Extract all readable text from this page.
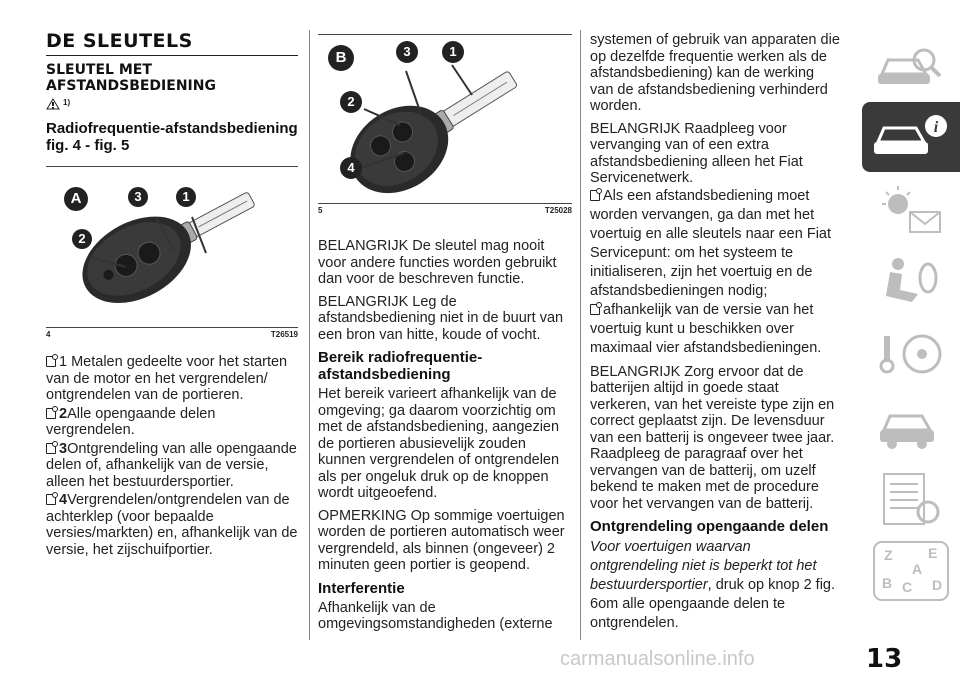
DE SLEUTELS
SLEUTEL MET AFSTANDSBEDIENING
1)
Radiofrequentie-afstandsbediening fig. 4 - fig. 5
A	1
3
2
4	T26519
1 Metalen gedeelte voor het starten van de motor en het vergrendelen/ ontgrendelen van de portieren.
2Alle opengaande delen vergrendelen.
3Ontgrendeling van alle opengaande delen of, afhankelijk van de versie, alleen het bestuurdersportier.
4Vergrendelen/ontgrendelen van de achterklep (voor bepaalde versies/markten) en, afhankelijk van de versie, het zijschuifportier.
B	3	1
2
4
5	T25028
BELANGRIJK De sleutel mag nooit voor andere functies worden gebruikt dan voor de beschreven functie.
BELANGRIJK Leg de afstandsbediening niet in de buurt van een bron van hitte, koude of vocht.
Bereik radiofrequentie-afstandsbediening
Het bereik varieert afhankelijk van de omgeving; ga daarom voorzichtig om met de afstandsbediening, aangezien de portieren abusievelijk zouden kunnen vergrendelen of ontgrendelen als per ongeluk druk op de knoppen wordt uitgeoefend.
OPMERKING Op sommige voertuigen worden de portieren automatisch weer vergrendeld, als binnen (ongeveer) 2 minuten geen portier is geopend.
Interferentie
Afhankelijk van de omgevingsomstandigheden (externe
systemen of gebruik van apparaten die op dezelfde frequentie werken als de afstandsbediening) kan de werking van de afstandsbediening verhinderd worden.
BELANGRIJK Raadpleeg voor vervanging van of een extra afstandsbediening alleen het Fiat Servicenetwerk.
Als een afstandsbediening moet worden vervangen, ga dan met het voertuig en alle sleutels naar een Fiat Servicepunt: om het systeem te initialiseren, zijn het voertuig en de afstandsbedieningen nodig;
afhankelijk van de versie van het voertuig kunt u beschikken over maximaal vier afstandsbedieningen.
BELANGRIJK Zorg ervoor dat de batterijen altijd in goede staat verkeren, van het vereiste type zijn en correct geplaatst zijn. De levensduur van een batterij is ongeveer twee jaar. Raadpleeg de paragraaf over het vervangen van de batterij, om uzelf bekend te maken met de procedure voor het vervangen van de batterij.
Ontgrendeling opengaande delen
Voor voertuigen waarvan ontgrendeling niet is beperkt tot het bestuurdersportier, druk op knop 2 fig. 6om alle opengaande delen te ontgrendelen.
i
Z	E
B C
A
D
carmanualsonline.info	13
